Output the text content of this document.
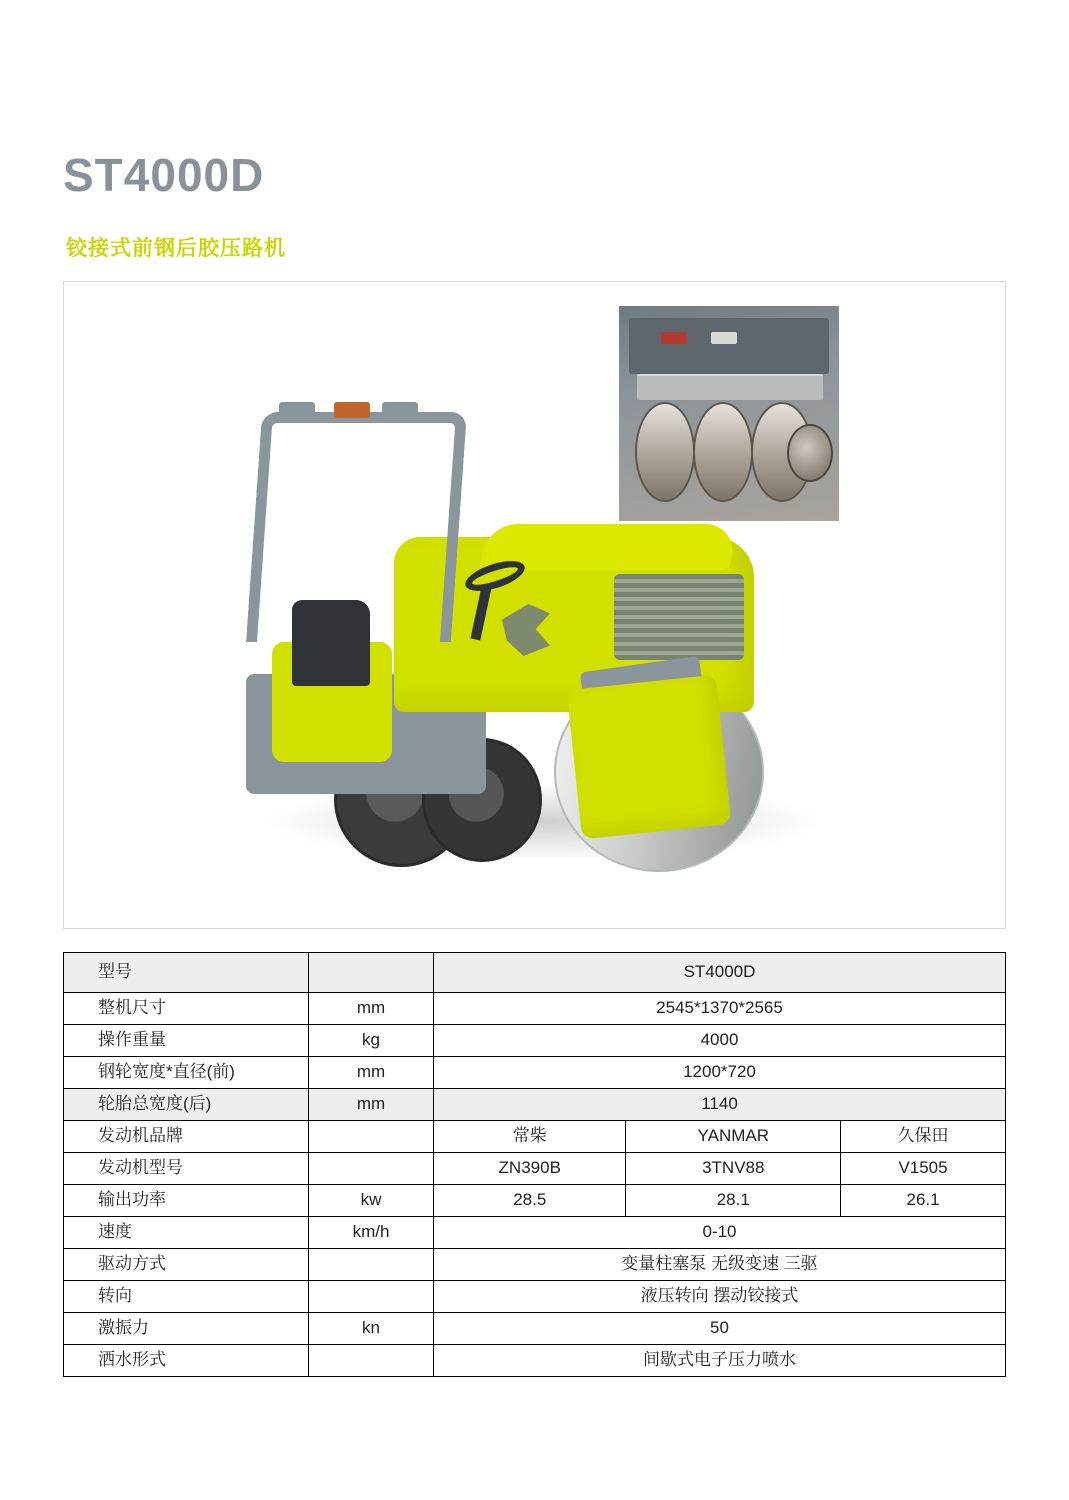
ST4000D
铰接式前钢后胶压路机
型号		ST4000D		
整机尺寸	mm	2545*1370*2565		
操作重量	kg	4000		
钢轮宽度*直径(前)	mm	1200*720		
轮胎总宽度(后)	mm	1140		
发动机品牌		常柴	YANMAR	久保田
发动机型号		ZN390B	3TNV88	V1505
输出功率	kw	28.5	28.1	26.1
速度	km/h	0-10		
驱动方式		变量柱塞泵 无级变速 三驱		
转向		液压转向 摆动铰接式		
激振力	kn	50		
洒水形式		间歇式电子压力喷水		
